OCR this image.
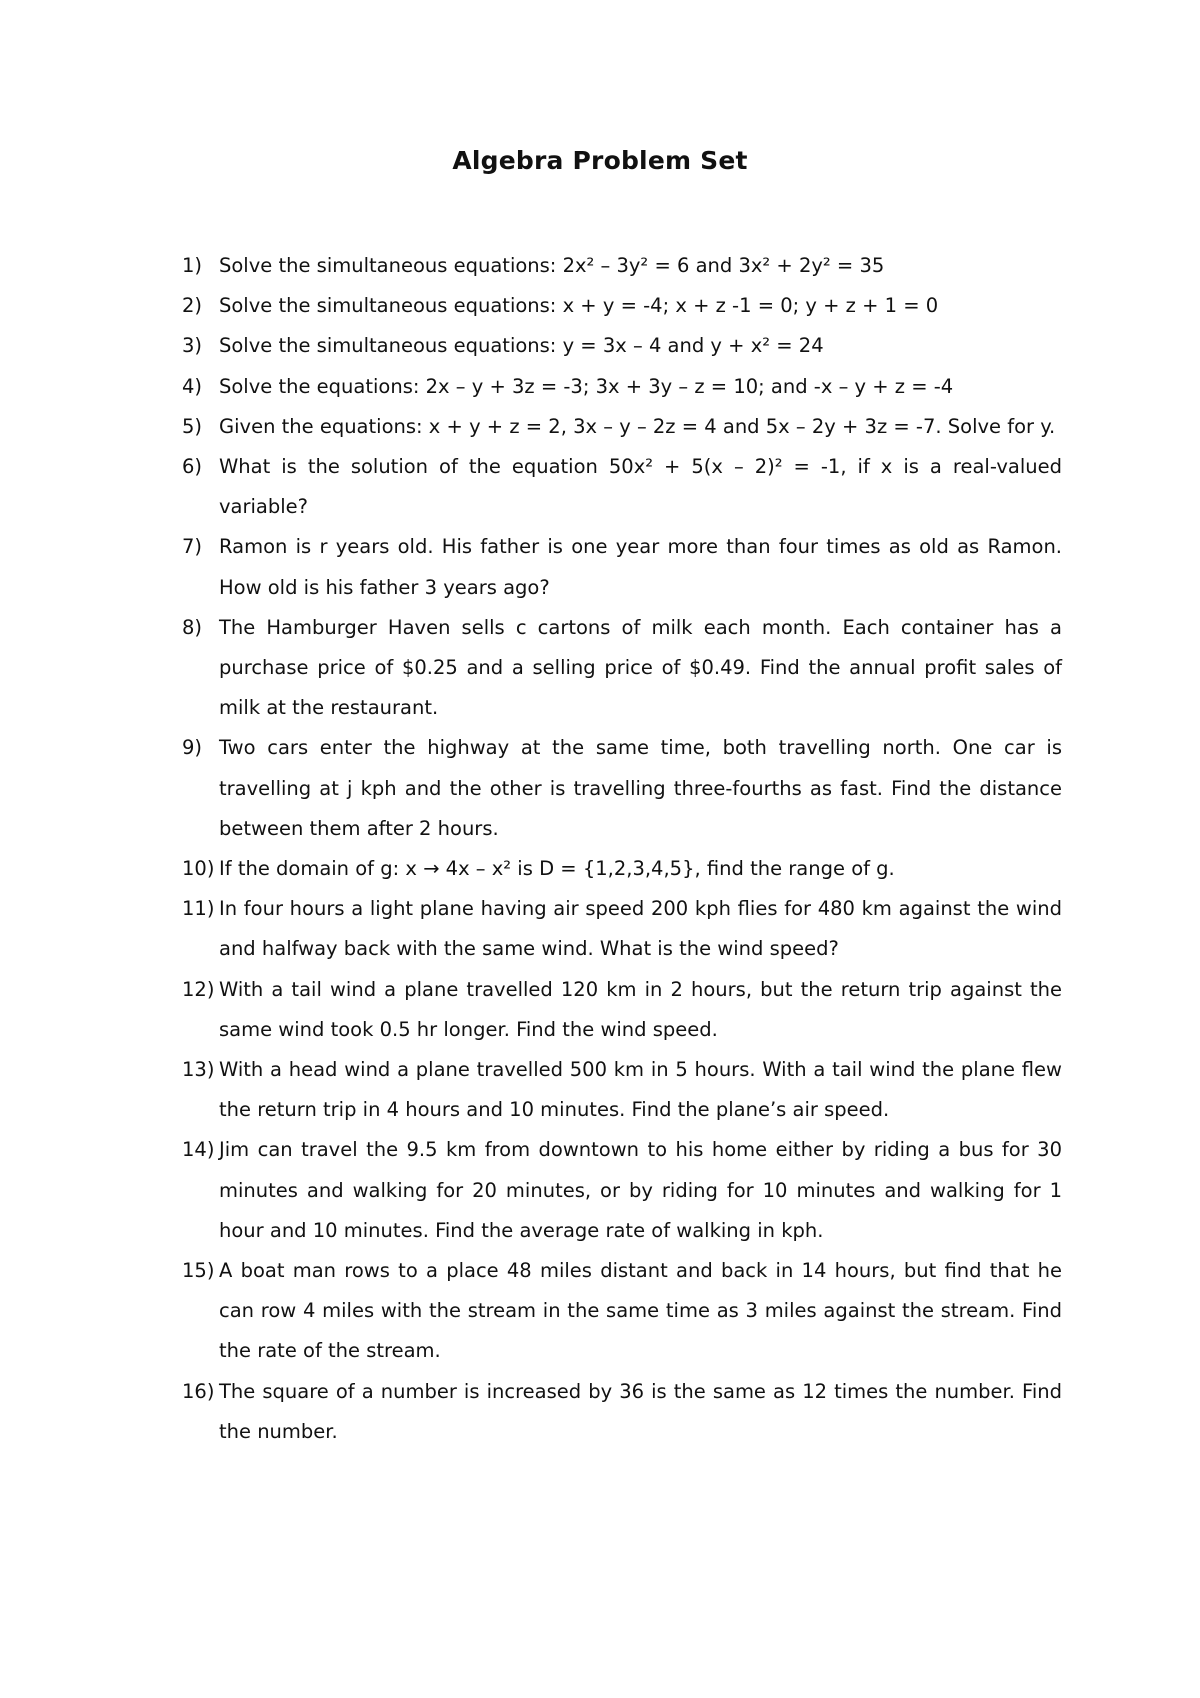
Algebra Problem Set
1) Solve the simultaneous equations: 2x² – 3y² = 6 and 3x² + 2y² = 35
2) Solve the simultaneous equations: x + y = -4; x + z -1 = 0; y + z + 1 = 0
3) Solve the simultaneous equations: y = 3x – 4 and y + x² = 24
4) Solve the equations: 2x – y + 3z = -3; 3x + 3y – z = 10; and -x – y + z = -4
5) Given the equations: x + y + z = 2, 3x – y – 2z = 4 and 5x – 2y + 3z = -7. Solve for y.
6) What is the solution of the equation 50x² + 5(x – 2)² = -1, if x is a real-valued variable?
7) Ramon is r years old. His father is one year more than four times as old as Ramon. How old is his father 3 years ago?
8) The Hamburger Haven sells c cartons of milk each month. Each container has a purchase price of $0.25 and a selling price of $0.49. Find the annual profit sales of milk at the restaurant.
9) Two cars enter the highway at the same time, both travelling north. One car is travelling at j kph and the other is travelling three-fourths as fast. Find the distance between them after 2 hours.
10) If the domain of g: x → 4x – x² is D = {1,2,3,4,5}, find the range of g.
11) In four hours a light plane having air speed 200 kph flies for 480 km against the wind and halfway back with the same wind. What is the wind speed?
12) With a tail wind a plane travelled 120 km in 2 hours, but the return trip against the same wind took 0.5 hr longer. Find the wind speed.
13) With a head wind a plane travelled 500 km in 5 hours. With a tail wind the plane flew the return trip in 4 hours and 10 minutes. Find the plane’s air speed.
14) Jim can travel the 9.5 km from downtown to his home either by riding a bus for 30 minutes and walking for 20 minutes, or by riding for 10 minutes and walking for 1 hour and 10 minutes. Find the average rate of walking in kph.
15) A boat man rows to a place 48 miles distant and back in 14 hours, but find that he can row 4 miles with the stream in the same time as 3 miles against the stream. Find the rate of the stream.
16) The square of a number is increased by 36 is the same as 12 times the number. Find the number.
